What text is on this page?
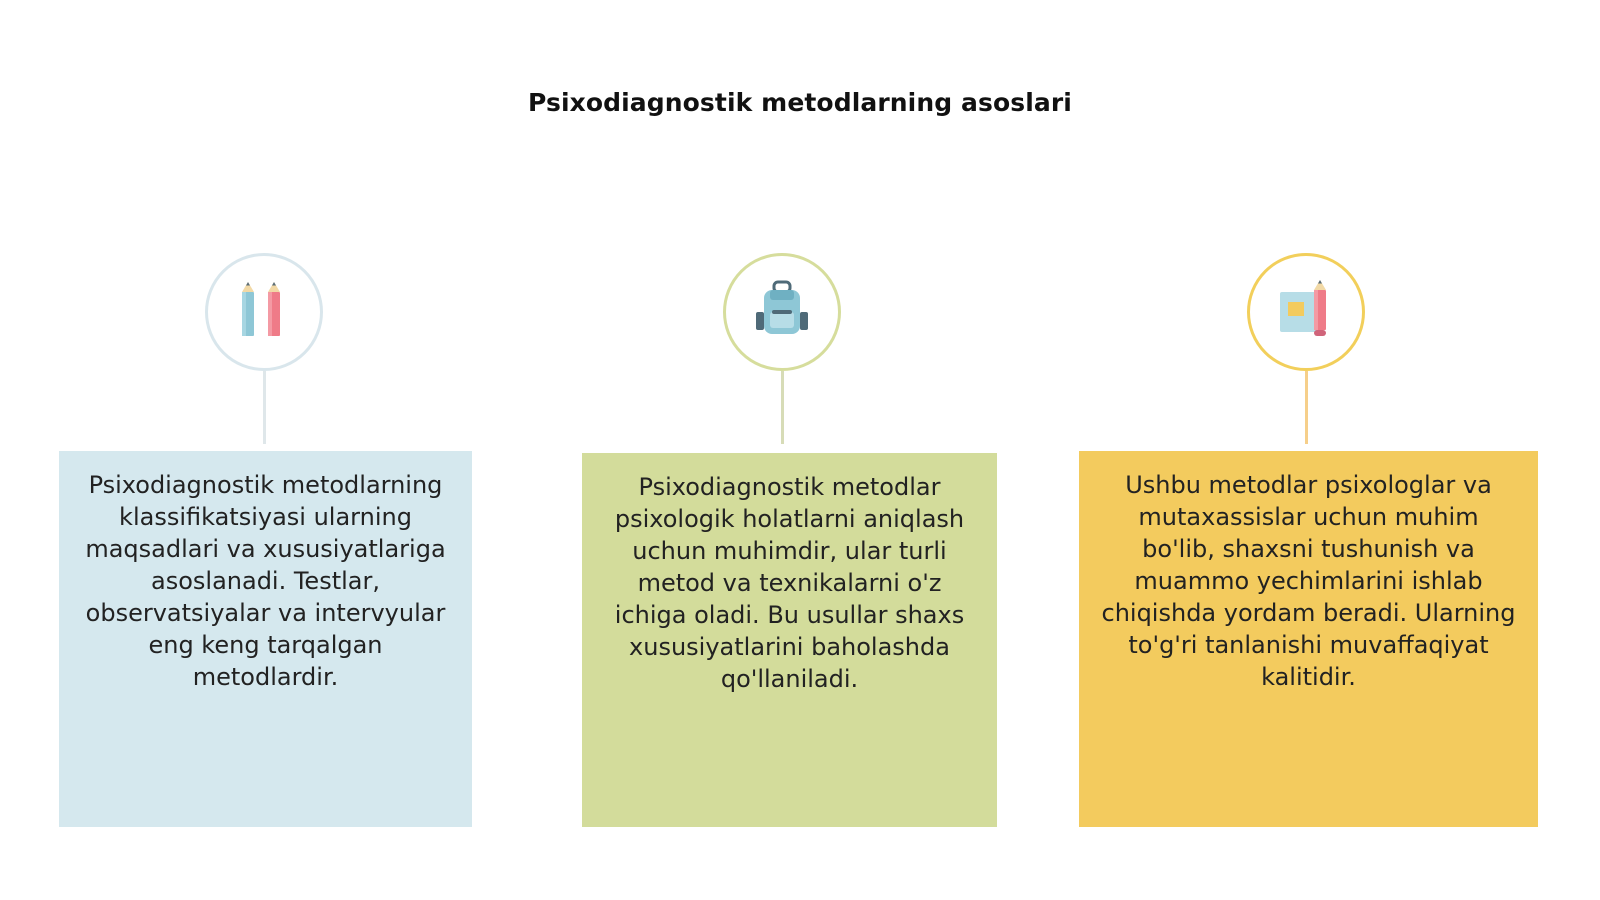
Psixodiagnostik metodlarning asoslari
Psixodiagnostik metodlarning klassifikatsiyasi ularning maqsadlari va xususiyatlariga asoslanadi. Testlar, observatsiyalar va intervyular eng keng tarqalgan metodlardir.
Psixodiagnostik metodlar psixologik holatlarni aniqlash uchun muhimdir, ular turli metod va texnikalarni o'z ichiga oladi. Bu usullar shaxs xususiyatlarini baholashda qo'llaniladi.
Ushbu metodlar psixologlar va mutaxassislar uchun muhim bo'lib, shaxsni tushunish va muammo yechimlarini ishlab chiqishda yordam beradi. Ularning to'g'ri tanlanishi muvaffaqiyat kalitidir.
